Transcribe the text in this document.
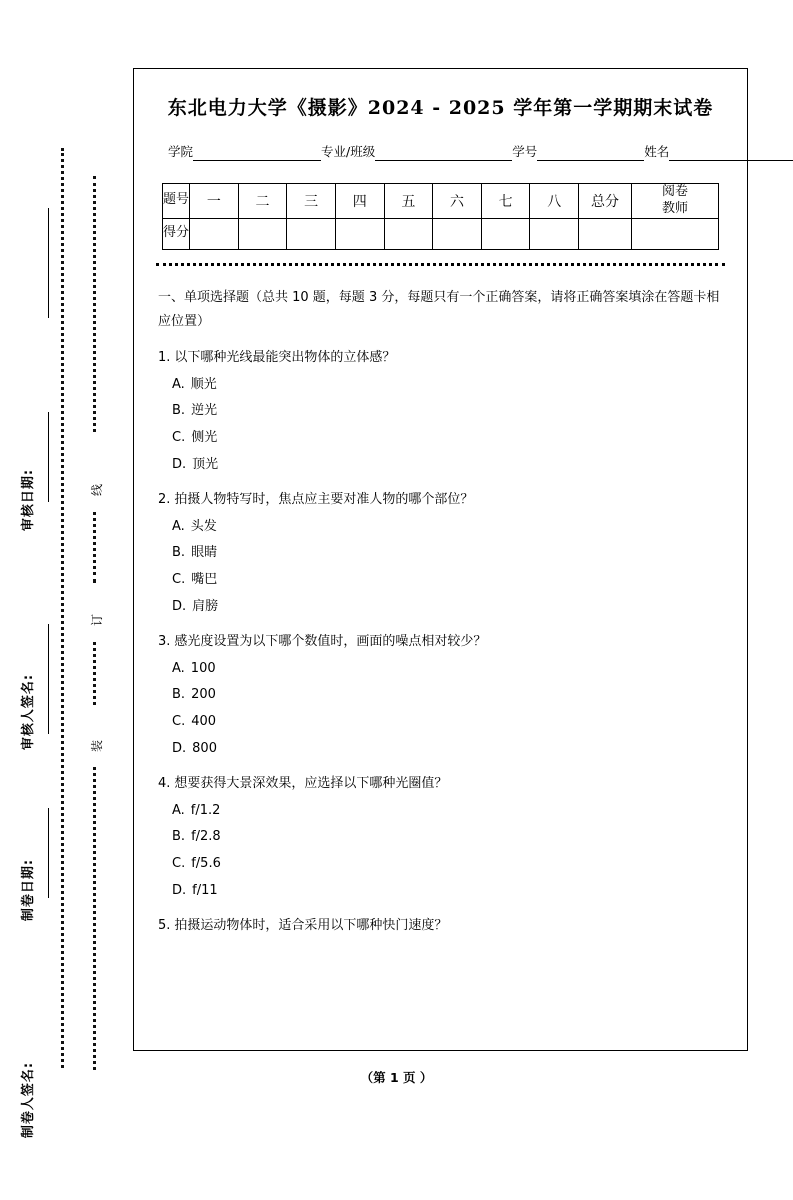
审核日期:
审核人签名:
制卷日期:
制卷人签名:
线
订
装
东北电力大学《摄影》2024 - 2025 学年第一学期期末试卷
学院	专业/班级	学号	姓名
题号	一	二	三	四	五	六	七	八	总分	阅卷
教师

得分										
一、单项选择题（总共 10 题，每题 3 分，每题只有一个正确答案，请将正确答案填涂在答题卡相应位置）
1. 以下哪种光线最能突出物体的立体感？
A. 顺光
B. 逆光
C. 侧光
D. 顶光
2. 拍摄人物特写时，焦点应主要对准人物的哪个部位？
A. 头发
B. 眼睛
C. 嘴巴
D. 肩膀
3. 感光度设置为以下哪个数值时，画面的噪点相对较少？
A. 100
B. 200
C. 400
D. 800
4. 想要获得大景深效果，应选择以下哪种光圈值？
A. f/1.2
B. f/2.8
C. f/5.6
D. f/11
5. 拍摄运动物体时，适合采用以下哪种快门速度？
（第 1 页 ）
